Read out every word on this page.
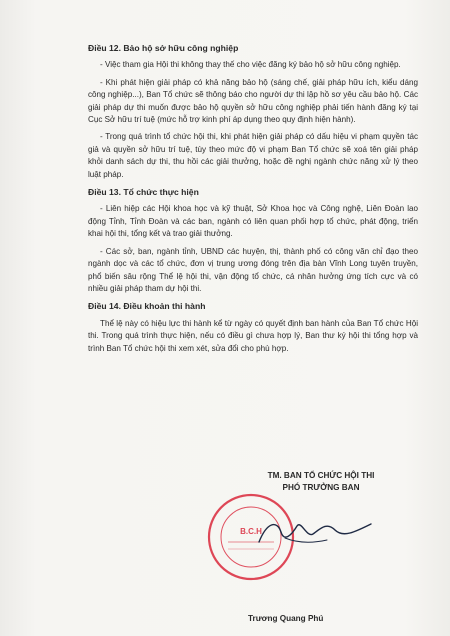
Điều 12. Bảo hộ sở hữu công nghiệp

- Việc tham gia Hội thi không thay thế cho việc đăng ký bảo hộ sở hữu công nghiệp.

- Khi phát hiện giải pháp có khả năng bảo hộ (sáng chế, giải pháp hữu ích, kiểu dáng công nghiệp...), Ban Tổ chức sẽ thông báo cho người dự thi lập hồ sơ yêu cầu bảo hộ. Các giải pháp dự thi muốn được bảo hộ quyền sở hữu công nghiệp phải tiến hành đăng ký tại Cục Sở hữu trí tuệ (mức hỗ trợ kinh phí áp dụng theo quy định hiện hành).

- Trong quá trình tổ chức hội thi, khi phát hiện giải pháp có dấu hiệu vi phạm quyền tác giả và quyền sở hữu trí tuệ, tùy theo mức độ vi phạm Ban Tổ chức sẽ xoá tên giải pháp khỏi danh sách dự thi, thu hồi các giải thưởng, hoặc đề nghị ngành chức năng xử lý theo luật pháp.

Điều 13. Tổ chức thực hiện

- Liên hiệp các Hội khoa học và kỹ thuật, Sở Khoa học và Công nghệ, Liên Đoàn lao động Tỉnh, Tỉnh Đoàn và các ban, ngành có liên quan phối hợp tổ chức, phát động, triển khai hội thi, tổng kết và trao giải thưởng.

- Các sở, ban, ngành tỉnh, UBND các huyện, thị, thành phố có công văn chỉ đạo theo ngành dọc và các tổ chức, đơn vị trung ương đóng trên địa bàn Vĩnh Long tuyên truyền, phổ biến sâu rộng Thể lệ hội thi, vận động tổ chức, cá nhân hưởng ứng tích cực và có nhiều giải pháp tham dự hội thi.

Điều 14. Điều khoản thi hành

Thể lệ này có hiệu lực thi hành kể từ ngày có quyết định ban hành của Ban Tổ chức Hội thi. Trong quá trình thực hiện, nếu có điều gì chưa hợp lý, Ban thư ký hội thi tổng hợp và trình Ban Tổ chức hội thi xem xét, sửa đổi cho phù hợp.

TM. BAN TỔ CHỨC HỘI THI
PHÓ TRƯỞNG BAN
B.C.H
Trương Quang Phú
